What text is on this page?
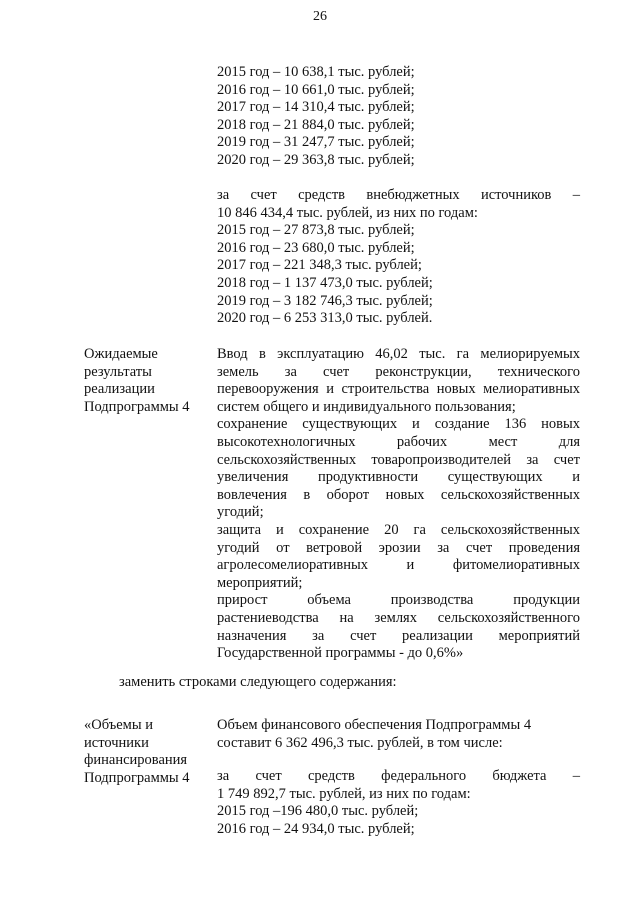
26
2015 год – 10 638,1 тыс. рублей;
2016 год – 10 661,0 тыс. рублей;
2017 год – 14 310,4 тыс. рублей;
2018 год – 21 884,0 тыс. рублей;
2019 год – 31 247,7 тыс. рублей;
2020 год – 29 363,8 тыс. рублей;
за счет средств внебюджетных источников –
10 846 434,4 тыс. рублей, из них по годам:
2015 год – 27 873,8 тыс. рублей;
2016 год – 23 680,0 тыс. рублей;
2017 год – 221 348,3 тыс. рублей;
2018 год – 1 137 473,0 тыс. рублей;
2019 год – 3 182 746,3 тыс. рублей;
2020 год – 6 253 313,0 тыс. рублей.
Ожидаемые
результаты
реализации
Подпрограммы 4
Ввод в эксплуатацию 46,02 тыс. га мелиорируемых
земель за счет реконструкции, технического
перевооружения и строительства новых мелиоративных
систем общего и индивидуального пользования;
сохранение существующих и создание 136 новых
высокотехнологичных рабочих мест для
сельскохозяйственных товаропроизводителей за счет
увеличения продуктивности существующих и
вовлечения в оборот новых сельскохозяйственных
угодий;
защита и сохранение 20 га сельскохозяйственных
угодий от ветровой эрозии за счет проведения
агролесомелиоративных и фитомелиоративных
мероприятий;
прирост объема производства продукции
растениеводства на землях сельскохозяйственного
назначения за счет реализации мероприятий
Государственной программы - до 0,6%»
заменить строками следующего содержания:
«Объемы и
источники
финансирования
Подпрограммы 4
Объем финансового обеспечения Подпрограммы 4
составит 6 362 496,3 тыс. рублей, в том числе:
за счет средств федерального бюджета –
1 749 892,7 тыс. рублей, из них по годам:
2015 год –196 480,0 тыс. рублей;
2016 год – 24 934,0 тыс. рублей;
